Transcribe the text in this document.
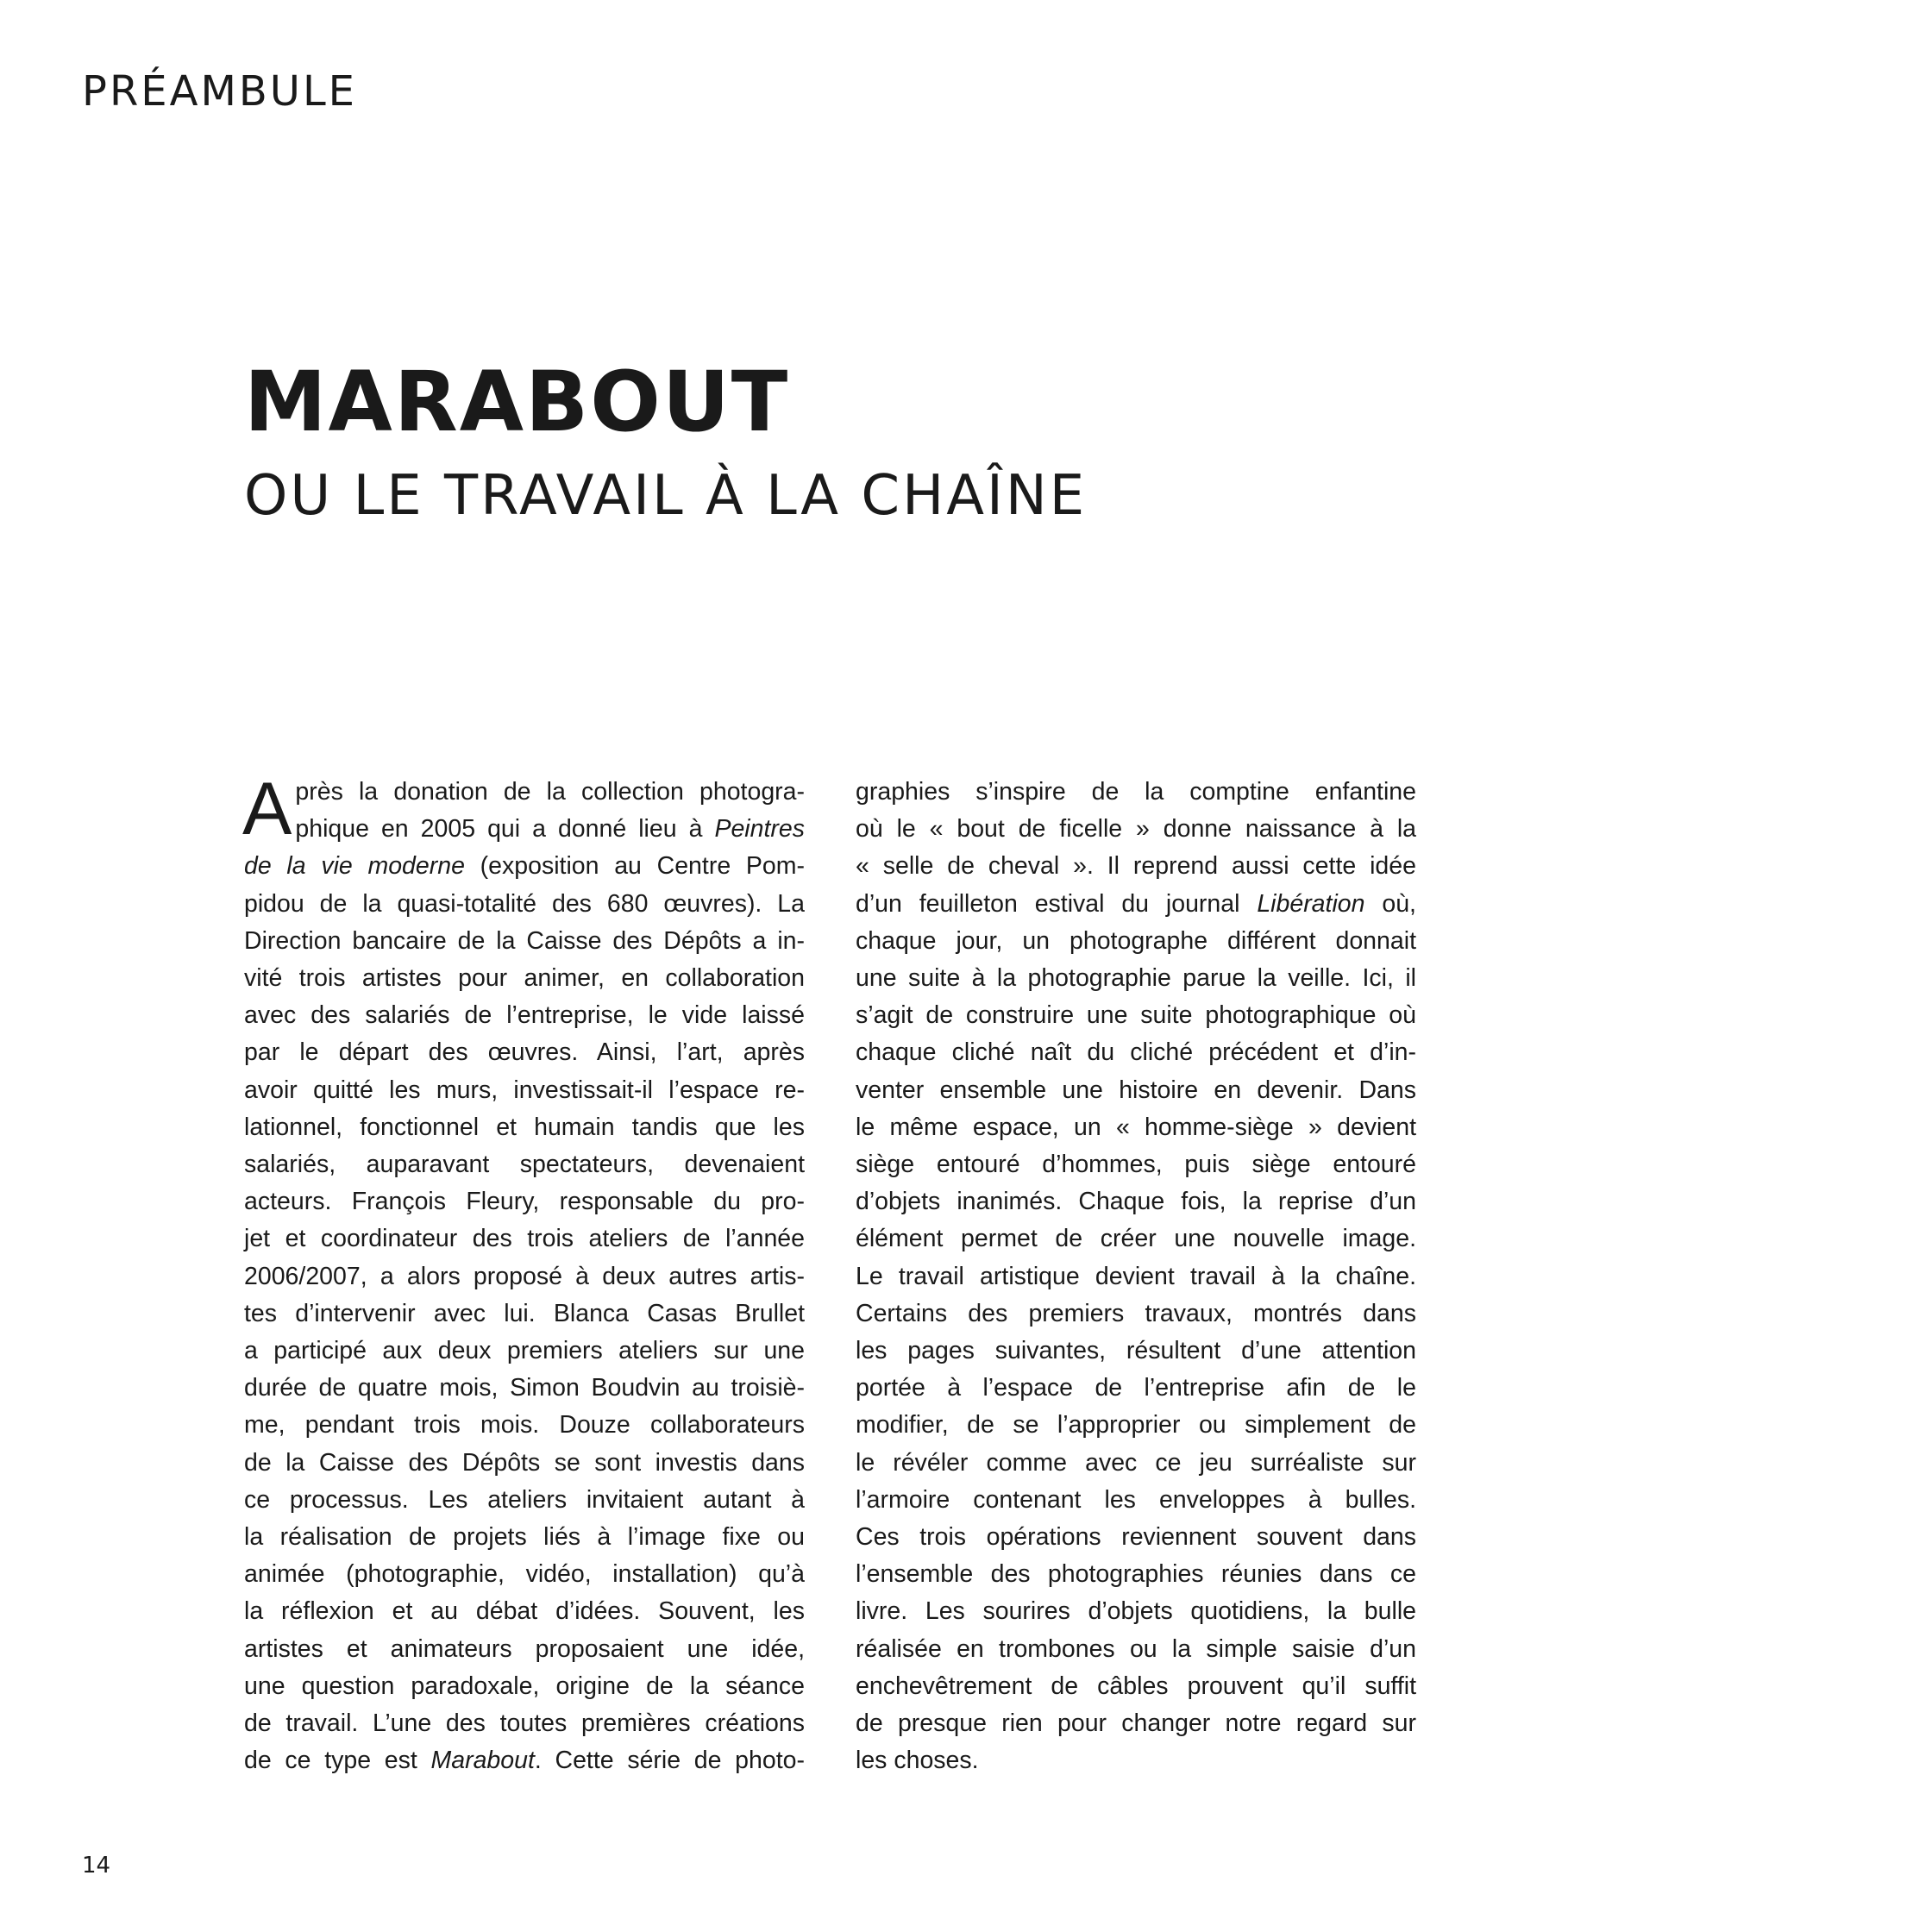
PRÉAMBULE
MARABOUT
OU LE TRAVAIL À LA CHAÎNE
A près la donation de la collection photogra-
phique en 2005 qui a donné lieu à Peintres
de la vie moderne (exposition au Centre Pom-
pidou de la quasi-totalité des 680 œuvres). La
Direction bancaire de la Caisse des Dépôts a in-
vité trois artistes pour animer, en collaboration
avec des salariés de l’entreprise, le vide laissé
par le départ des œuvres. Ainsi, l’art, après
avoir quitté les murs, investissait-il l’espace re-
lationnel, fonctionnel et humain tandis que les
salariés, auparavant spectateurs, devenaient
acteurs. François Fleury, responsable du pro-
jet et coordinateur des trois ateliers de l’année
2006/2007, a alors proposé à deux autres artis-
tes d’intervenir avec lui. Blanca Casas Brullet
a participé aux deux premiers ateliers sur une
durée de quatre mois, Simon Boudvin au troisiè-
me, pendant trois mois. Douze collaborateurs
de la Caisse des Dépôts se sont investis dans
ce processus. Les ateliers invitaient autant à
la réalisation de projets liés à l’image fixe ou
animée (photographie, vidéo, installation) qu’à
la réflexion et au débat d’idées. Souvent, les
artistes et animateurs proposaient une idée,
une question paradoxale, origine de la séance
de travail. L’une des toutes premières créations
de ce type est Marabout. Cette série de photo-
graphies s’inspire de la comptine enfantine
où le « bout de ficelle » donne naissance à la
« selle de cheval ». Il reprend aussi cette idée
d’un feuilleton estival du journal Libération où,
chaque jour, un photographe différent donnait
une suite à la photographie parue la veille. Ici, il
s’agit de construire une suite photographique où
chaque cliché naît du cliché précédent et d’in-
venter ensemble une histoire en devenir. Dans
le même espace, un « homme-siège » devient
siège entouré d’hommes, puis siège entouré
d’objets inanimés. Chaque fois, la reprise d’un
élément permet de créer une nouvelle image.
Le travail artistique devient travail à la chaîne.
Certains des premiers travaux, montrés dans
les pages suivantes, résultent d’une attention
portée à l’espace de l’entreprise afin de le
modifier, de se l’approprier ou simplement de
le révéler comme avec ce jeu surréaliste sur
l’armoire contenant les enveloppes à bulles.
Ces trois opérations reviennent souvent dans
l’ensemble des photographies réunies dans ce
livre. Les sourires d’objets quotidiens, la bulle
réalisée en trombones ou la simple saisie d’un
enchevêtrement de câbles prouvent qu’il suffit
de presque rien pour changer notre regard sur
les choses.

14
